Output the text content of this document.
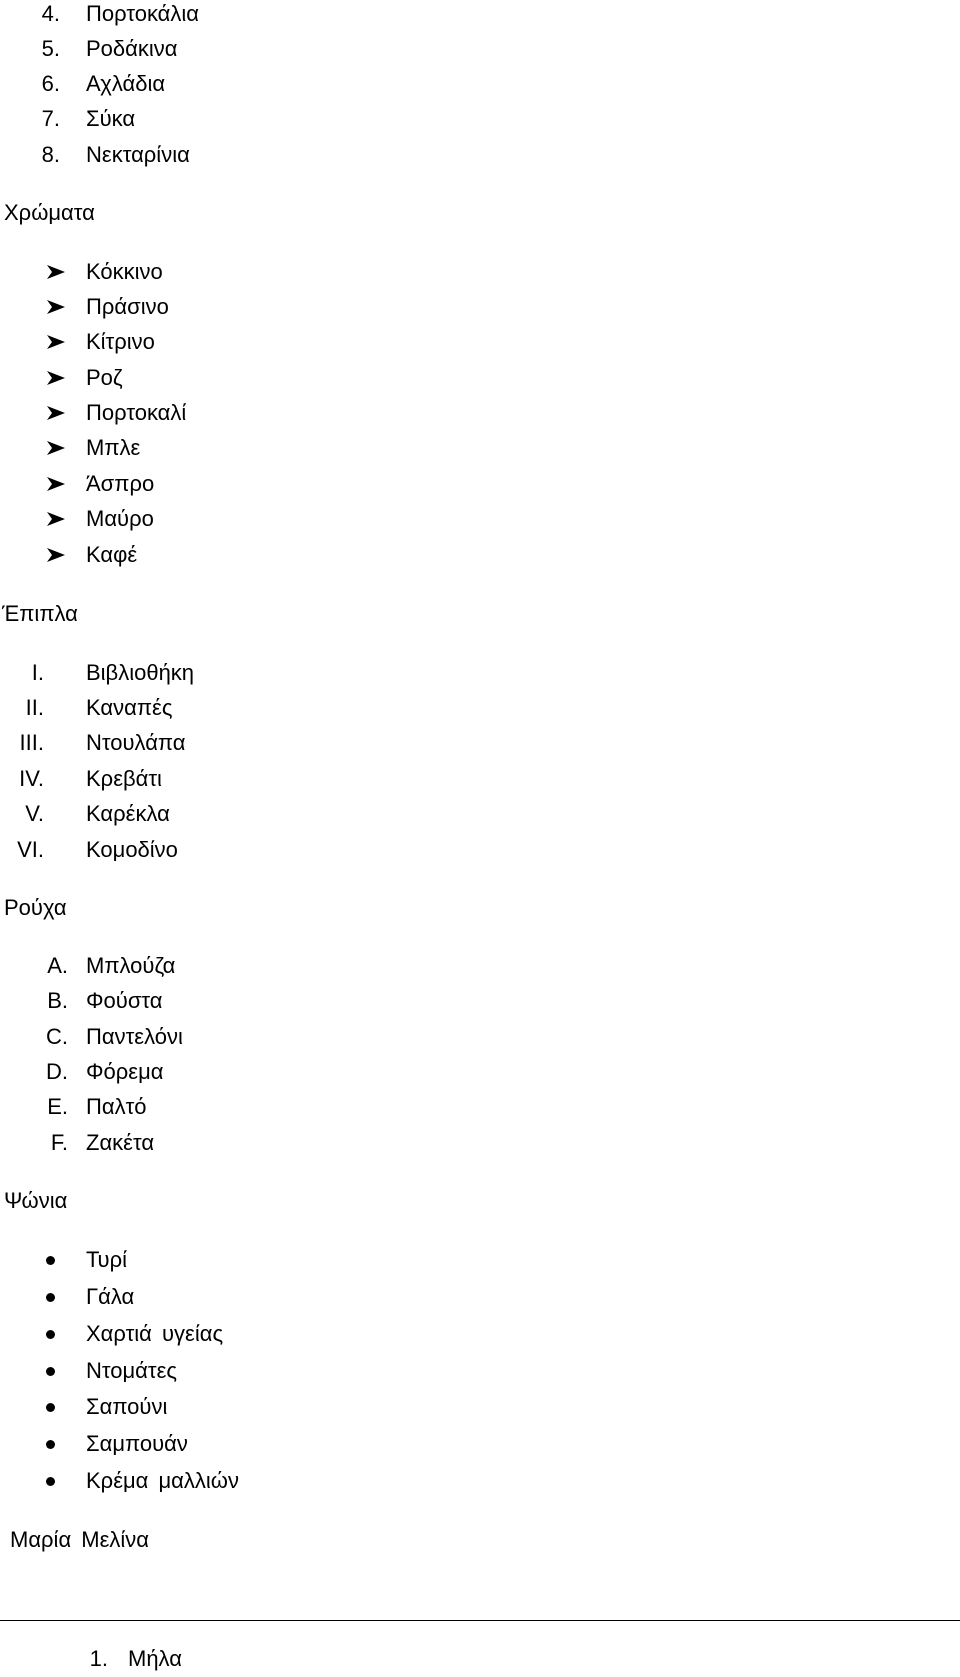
4. Πορτοκάλια
5. Ροδάκινα
6. Αχλάδια
7. Σύκα
8. Νεκταρίνια
Χρώματα
Κόκκινο
Πράσινο
Κίτρινο
Ροζ
Πορτοκαλί
Μπλε
Άσπρο
Μαύρο
Καφέ
Έπιπλα
I. Βιβλιοθήκη
II. Καναπές
III. Ντουλάπα
IV. Κρεβάτι
V. Καρέκλα
VI. Κομοδίνο
Ρούχα
A. Μπλούζα
B. Φούστα
C. Παντελόνι
D. Φόρεμα
E. Παλτό
F. Ζακέτα
Ψώνια
Τυρί
Γάλα
Χαρτιά υγείας
Ντομάτες
Σαπούνι
Σαμπουάν
Κρέμα μαλλιών
Μαρία Μελίνα
1. Μήλα
